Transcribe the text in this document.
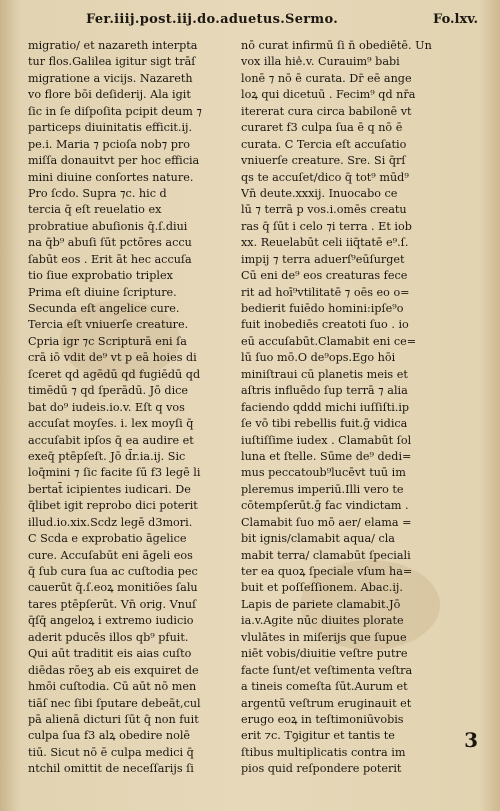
Fer.iiij.post.iij.do.aduetus.Sermo.	Fo.lxv.
migratio/ et nazareth interpta
tur flos.Galilea igitur sigt trāſ
migratione a vicijs. Nazareth
vo flore bōi deſiderij. Ala igit
ſic in ſe diſpoſita pcipit deum ⁊
particeps diuinitatis efficit.ij.
pe.i. Maria ⁊ pcioſa nob⁊ pro
miſſa donauitvt per hoc efficia
mini diuine conſortes nature.
Pro ſcdo. Supra ⁊c. hic d
tercia q̄ eſt reuelatio ex
probratiue abuſionis q̄.ſ.diui
na q̄b⁹ abuſi ſūt pctōres accu
ſabūt eos . Erit āt hec accuſa
tio ſiue exprobatio triplex
Prima eſt diuine ſcripture.
Secunda eſt angelice cure.
Tercia eſt vniuerſe creature.
Cpria igr ⁊c Scripturā eni ſa
crā iō vdit de⁹ vt p eā hoies di
ſceret qd agēdū qd fugiēdū qd
timēdū ⁊ qd ſperādū. Jō dice
bat do⁹ iudeis.io.v. Eſt q vos
accuſat moyſes. i. lex moyſi q̄
accuſabit ipſos q̄ ea audire et
exeq̄ ptēpſeſt. Jō d̄r.ia.ij. Sic
loq̄mini ⁊ ſic facite ſū f3 legē li
bertat̄ icipientes iudicari. De
q̄libet igit reprobo dici poterit
illud.io.xix.Scdz legē d3mori.
C Scda e exprobatio āgelice
cure. Accuſabūt eni āgeli eos
q̄ ſub cura ſua ac cuſtodia pec
cauerūt q̄.ſ.eoꝝ monitiões ſalu
tares ptēpſerūt. Vn̄ orig. Vnuſ
q̄ſq̄ angeloꝝ i extremo iudicio
aderit pducēs illos qb⁹ pfuit.
Qui aūt traditit eis aias cuſto
diēdas rōeʒ ab eis exquiret de
hmōi cuſtodia. Cū aūt nō men
tiāſ nec ſibi ſputare debeāt,cul
pā alienā dicturi ſūt q̄ non fuit
culpa ſua f3 alꝝ obedire nolē
tiū. Sicut nō ē culpa medici q̄
ntchil omittit de neceſſarijs ſi
nō curat infirmū ſi n̄ obediētē. Un
vox illa hie̾.v. Curauim⁹ babi
lonē ⁊ nō ē curata. Dr̄ eē ange
loꝝ qui dicetuū . Fecim⁹ qd nr̄a
itererat cura circa babilonē vt
curaret f3 culpa ſua ē q nō ē
curata. C Tercia eſt accuſatio
vniuerſe creature. Sre. Si q̄rſ
qs te accuſet/dico q̄ tot⁹ mūd⁹
Vn̄ deute.xxxij. Inuocabo ce
lū ⁊ terrā p vos.i.omēs creatu
ras q̄ ſūt i celo ⁊i terra . Et iob
xx. Reuelabūt celi iiq̄tatē e⁹.ſ.
impij ⁊ terra aduerſ⁹eūſurget
Cū eni de⁹ eos creaturas fece
rit ad hoī⁹vtilitatē ⁊ oēs eo o=
bedierit fuiēdo homini:ipſe⁹o
fuit inobediēs creatoti ſuo . io
eū accuſabūt.Clamabit eni ce=
lū ſuo mō.O de⁹ops.Ego hōi
miniſtraui cū planetis meis et
aſtris influēdo ſup terrā ⁊ alia
faciendo qddd michi iuſſiſti.ip
ſe vō tibi rebellis fuit.ḡ vidica
iuſtiſſime iudex . Clamabūt ſol
luna et ſtelle. Sūme de⁹ dedi=
mus peccatoub⁹lucēvt tuū im
pleremus imperiū.Illi vero te
cōtempſerūt.ḡ fac vindictam .
Clamabit ſuo mō aer/ elama =
bit ignis/clamabit aqua/ cla
mabit terra/ clamabūt ſpeciali
ter ea quoꝝ ſpeciale vſum ha=
buit et poſſeſſionem. Abac.ij.
Lapis de pariete clamabit.Jō
ia.v.Agite nūc diuites plorate
vlulātes in miſerijs que ſupue
niēt vobis/diuitie veſtre putre
facte ſunt/et veſtimenta veſtra
a tineis comeſta ſūt.Aurum et
argentū veſtrum eruginauit et
erugo eoꝝ in teſtimoniūvobis
erit ⁊c. Tꝯigitur et tantis te
ſtibus multiplicatis contra im
pios quid reſpondere poterit
3
